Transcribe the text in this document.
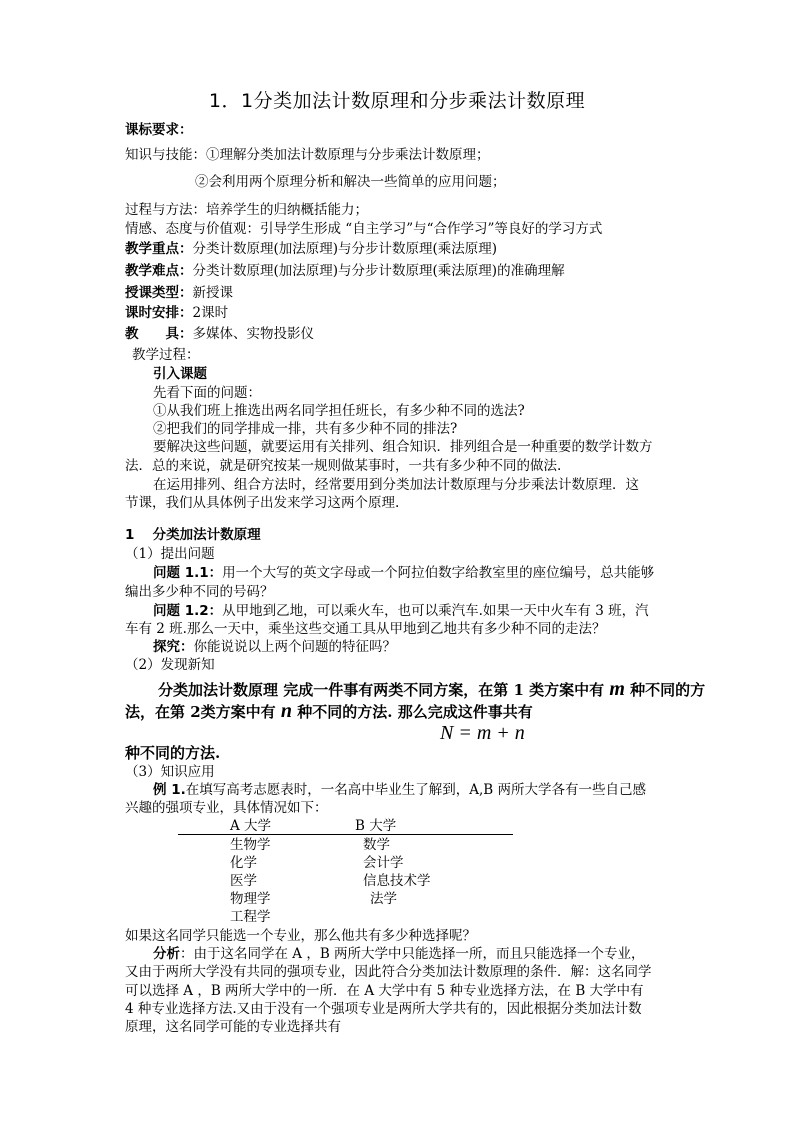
1．1分类加法计数原理和分步乘法计数原理
课标要求：
知识与技能：①理解分类加法计数原理与分步乘法计数原理；
②会利用两个原理分析和解决一些简单的应用问题；
过程与方法：培养学生的归纳概括能力；
情感、态度与价值观：引导学生形成 “自主学习”与“合作学习”等良好的学习方式
教学重点：分类计数原理(加法原理)与分步计数原理(乘法原理)
教学难点：分类计数原理(加法原理)与分步计数原理(乘法原理)的准确理解
授课类型：新授课
课时安排：2课时
教　　具：多媒体、实物投影仪
教学过程：
引入课题
先看下面的问题：
①从我们班上推选出两名同学担任班长，有多少种不同的选法?
②把我们的同学排成一排，共有多少种不同的排法?
要解决这些问题，就要运用有关排列、组合知识．排列组合是一种重要的数学计数方
法．总的来说，就是研究按某一规则做某事时，一共有多少种不同的做法.
在运用排列、组合方法时，经常要用到分类加法计数原理与分步乘法计数原理．这
节课，我们从具体例子出发来学习这两个原理.
1　 分类加法计数原理
（1）提出问题
问题 1.1：用一个大写的英文字母或一个阿拉伯数字给教室里的座位编号，总共能够
编出多少种不同的号码？
问题 1.2：从甲地到乙地，可以乘火车，也可以乘汽车.如果一天中火车有 3 班，汽
车有 2 班.那么一天中，乘坐这些交通工具从甲地到乙地共有多少种不同的走法？
探究：你能说说以上两个问题的特征吗？
（2）发现新知
分类加法计数原理 完成一件事有两类不同方案，在第 1 类方案中有 m 种不同的方
法，在第 2类方案中有 n 种不同的方法. 那么完成这件事共有
N = m + n
种不同的方法.
（3）知识应用
例 1.在填写高考志愿表时，一名高中毕业生了解到，A,B 两所大学各有一些自己感
兴趣的强项专业，具体情况如下：
A 大学	B 大学
生物学
化学
医学
物理学
工程学
数学
会计学
信息技术学
法学
如果这名同学只能选一个专业，那么他共有多少种选择呢？
分析：由于这名同学在 A ，B 两所大学中只能选择一所，而且只能选择一个专业，
又由于两所大学没有共同的强项专业，因此符合分类加法计数原理的条件．解：这名同学
可以选择 A ，B 两所大学中的一所．在 A 大学中有 5 种专业选择方法，在 B 大学中有
4 种专业选择方法.又由于没有一个强项专业是两所大学共有的，因此根据分类加法计数
原理，这名同学可能的专业选择共有
